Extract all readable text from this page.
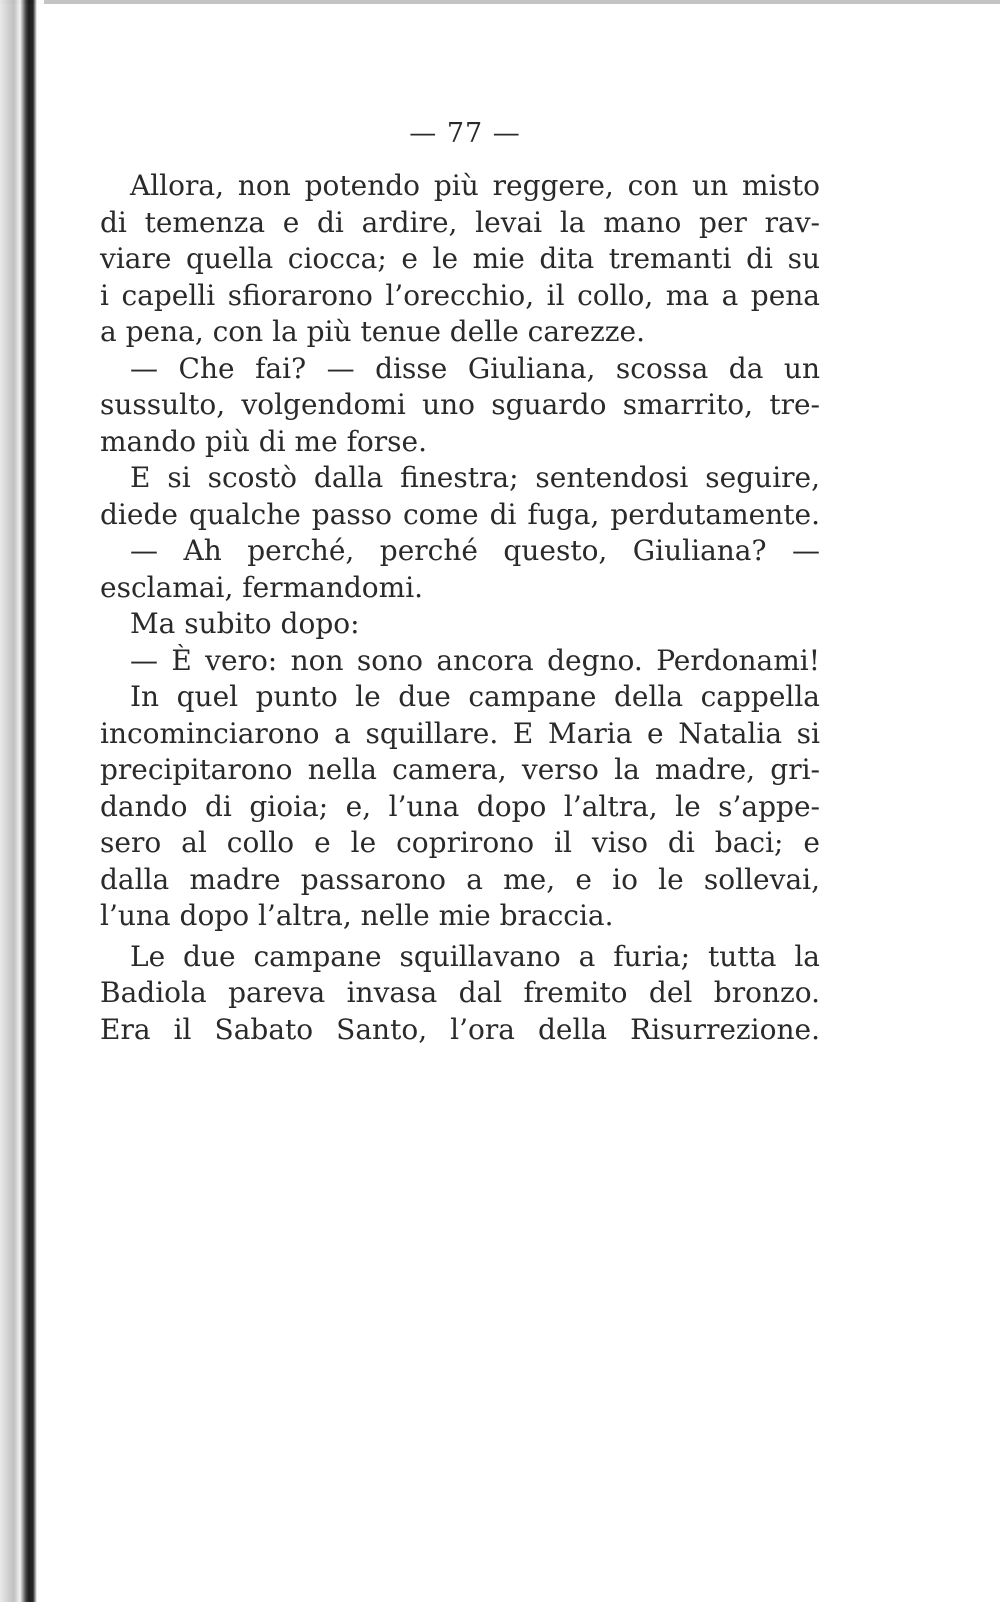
— 77 —
Allora, non potendo più reggere, con un misto
di temenza e di ardire, levai la mano per rav-
viare quella ciocca; e le mie dita tremanti di su
i capelli sfiorarono l’orecchio, il collo, ma a pena
a pena, con la più tenue delle carezze.
— Che fai? — disse Giuliana, scossa da un
sussulto, volgendomi uno sguardo smarrito, tre-
mando più di me forse.
E si scostò dalla finestra; sentendosi seguire,
diede qualche passo come di fuga, perdutamente.
— Ah perché, perché questo, Giuliana? —
esclamai, fermandomi.
Ma subito dopo:
— È vero: non sono ancora degno. Perdonami!
In quel punto le due campane della cappella
incominciarono a squillare. E Maria e Natalia si
precipitarono nella camera, verso la madre, gri-
dando di gioia; e, l’una dopo l’altra, le s’appe-
sero al collo e le coprirono il viso di baci; e
dalla madre passarono a me, e io le sollevai,
l’una dopo l’altra, nelle mie braccia.
Le due campane squillavano a furia; tutta la
Badiola pareva invasa dal fremito del bronzo.
Era il Sabato Santo, l’ora della Risurrezione.
